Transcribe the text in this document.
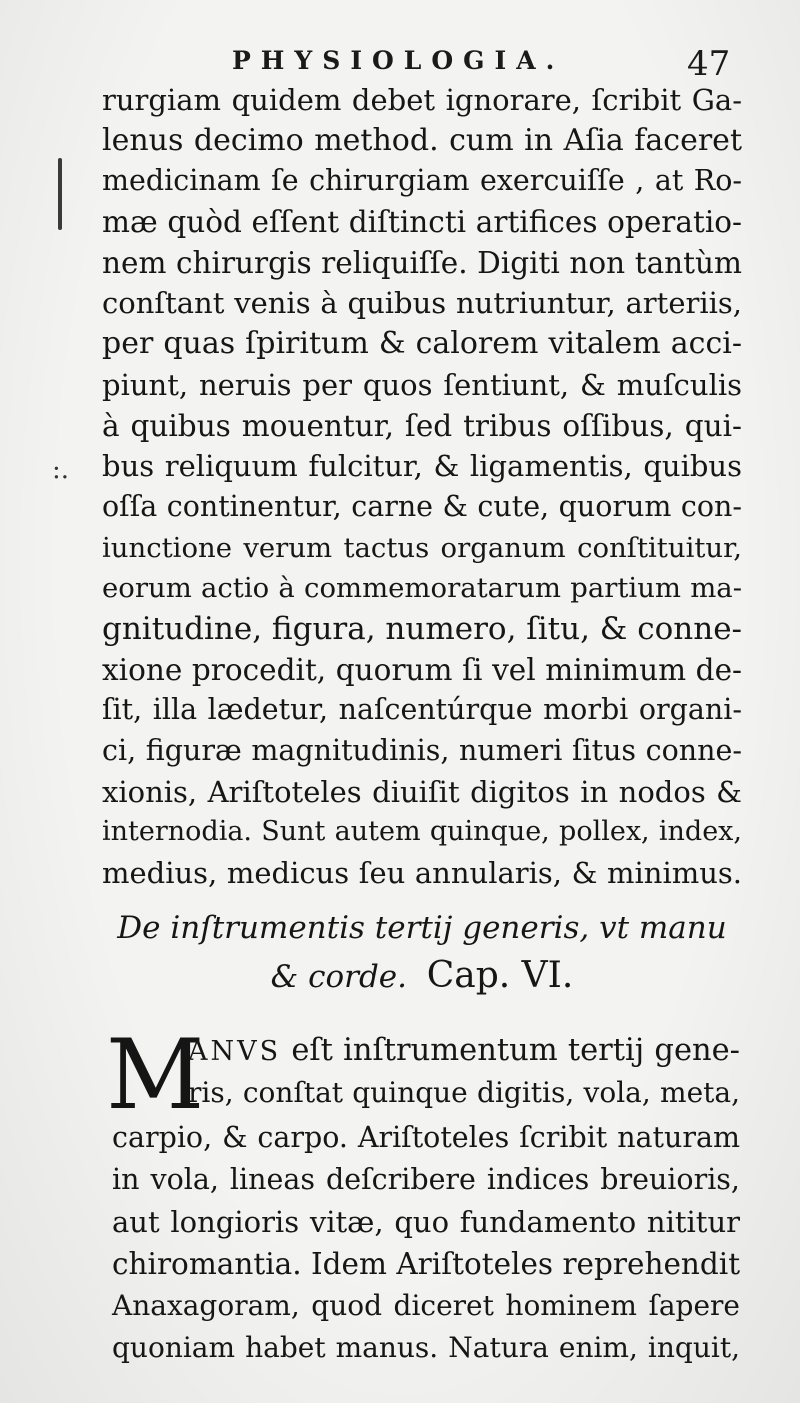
:.
PHYSIOLOGIA.	47
rurgiam quidem debet ignorare, ſcribit Ga-
lenus decimo method. cum in Aſia faceret
medicinam ſe chirurgiam exercuiſſe , at Ro-
mæ quòd eſſent diſtincti artifices operatio-
nem chirurgis reliquiſſe. Digiti non tantùm
conſtant venis à quibus nutriuntur, arteriis,
per quas ſpiritum & calorem vitalem acci-
piunt, neruis per quos ſentiunt, & muſculis
à quibus mouentur, ſed tribus oſſibus, qui-
bus reliquum fulcitur, & ligamentis, quibus
oſſa continentur, carne & cute, quorum con-
iunctione verum tactus organum conſtituitur,
eorum actio à commemoratarum partium ma-
gnitudine, figura, numero, ſitu, & conne-
xione procedit, quorum ſi vel minimum de-
ſit, illa lædetur, naſcentúrque morbi organi-
ci, figuræ magnitudinis, numeri ſitus conne-
xionis, Ariſtoteles diuiſit digitos in nodos &
internodia. Sunt autem quinque, pollex, index,
medius, medicus ſeu annularis, & minimus.
De inſtrumentis tertij generis, vt manu
& corde. Cap. VI.
M
ANVS eſt inſtrumentum tertij gene-
ris, conſtat quinque digitis, vola, meta,
carpio, & carpo. Ariſtoteles ſcribit naturam
in vola, lineas deſcribere indices breuioris,
aut longioris vitæ, quo fundamento nititur
chiromantia. Idem Ariſtoteles reprehendit
Anaxagoram, quod diceret hominem ſapere
quoniam habet manus. Natura enim, inquit,
